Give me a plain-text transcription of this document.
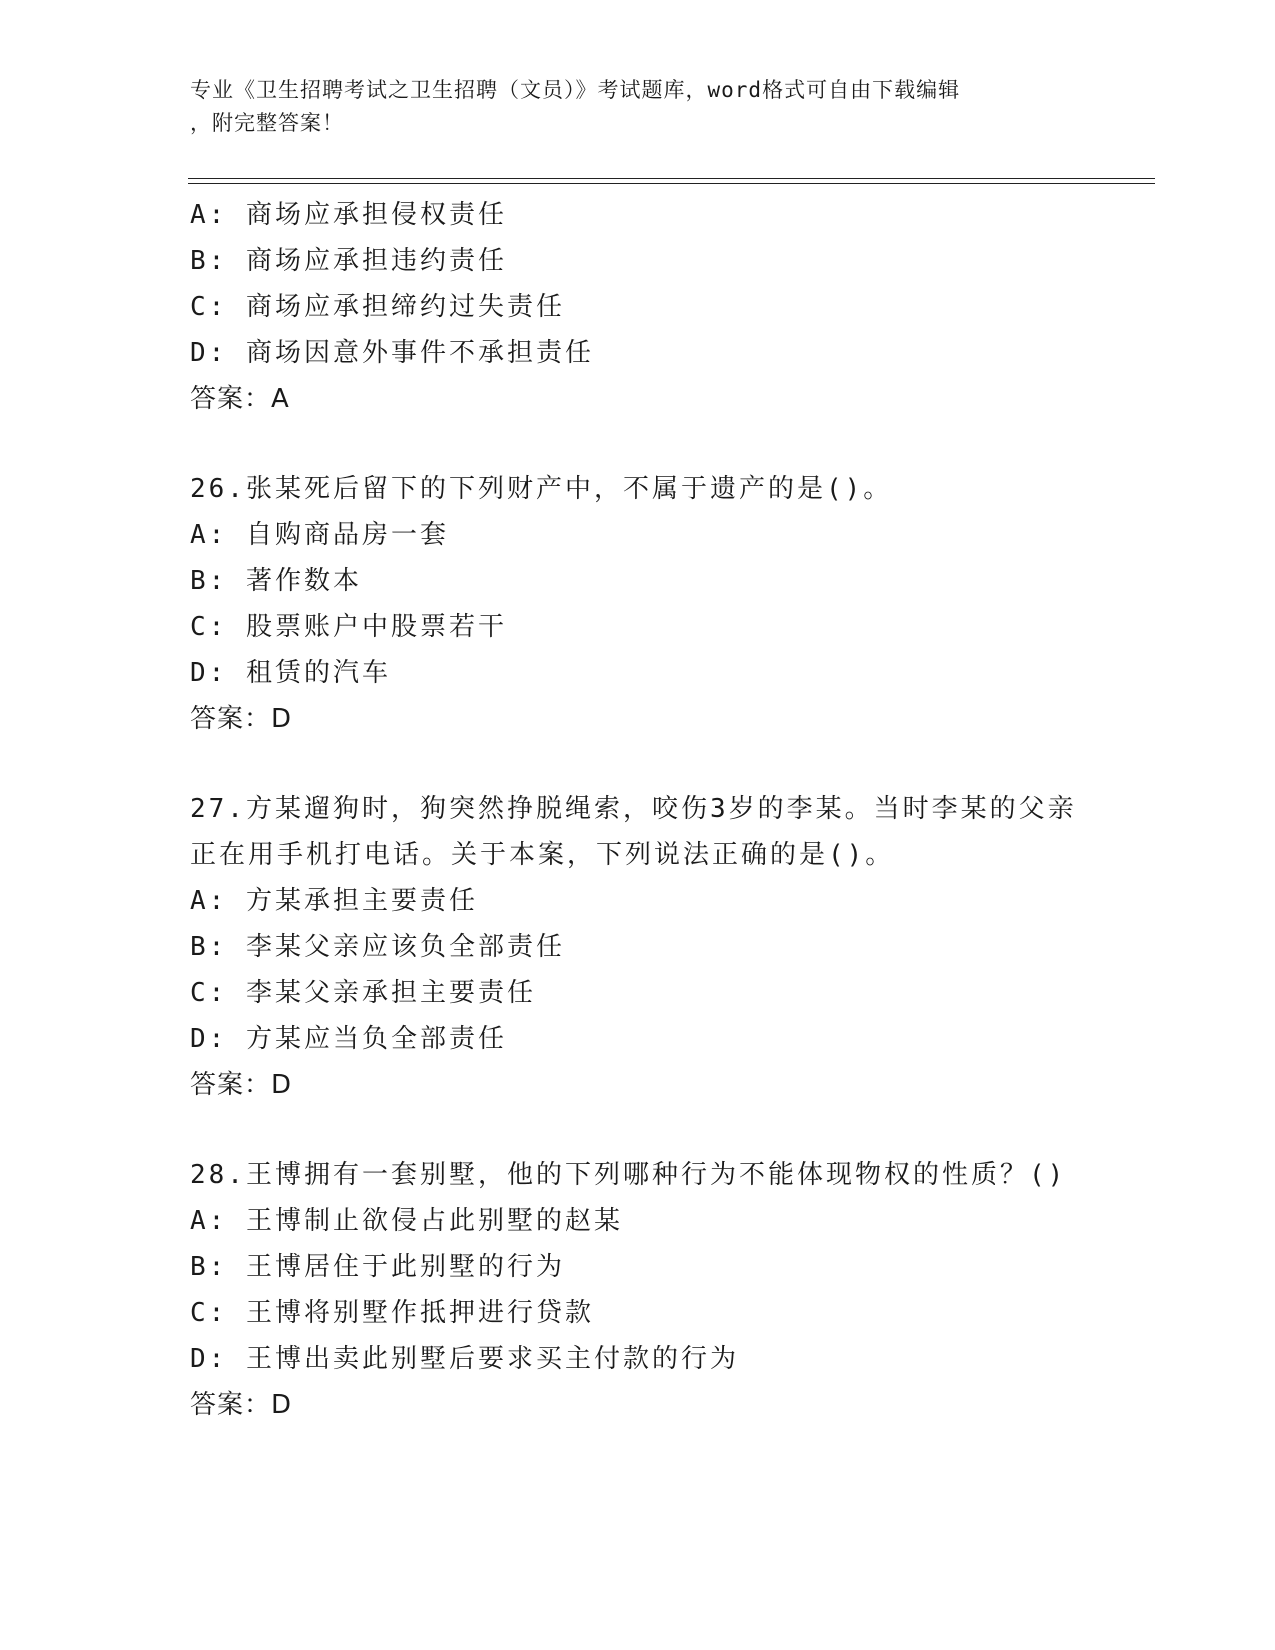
专业《卫生招聘考试之卫生招聘（文员）》考试题库，word格式可自由下载编辑
，附完整答案！
A: 商场应承担侵权责任
B: 商场应承担违约责任
C: 商场应承担缔约过失责任
D: 商场因意外事件不承担责任
答案：A
26.张某死后留下的下列财产中，不属于遗产的是()。
A: 自购商品房一套
B: 著作数本
C: 股票账户中股票若干
D: 租赁的汽车
答案：D
27.方某遛狗时，狗突然挣脱绳索，咬伤3岁的李某。当时李某的父亲
正在用手机打电话。关于本案，下列说法正确的是()。
A: 方某承担主要责任
B: 李某父亲应该负全部责任
C: 李某父亲承担主要责任
D: 方某应当负全部责任
答案：D
28.王博拥有一套别墅，他的下列哪种行为不能体现物权的性质？()
A: 王博制止欲侵占此别墅的赵某
B: 王博居住于此别墅的行为
C: 王博将别墅作抵押进行贷款
D: 王博出卖此别墅后要求买主付款的行为
答案：D
